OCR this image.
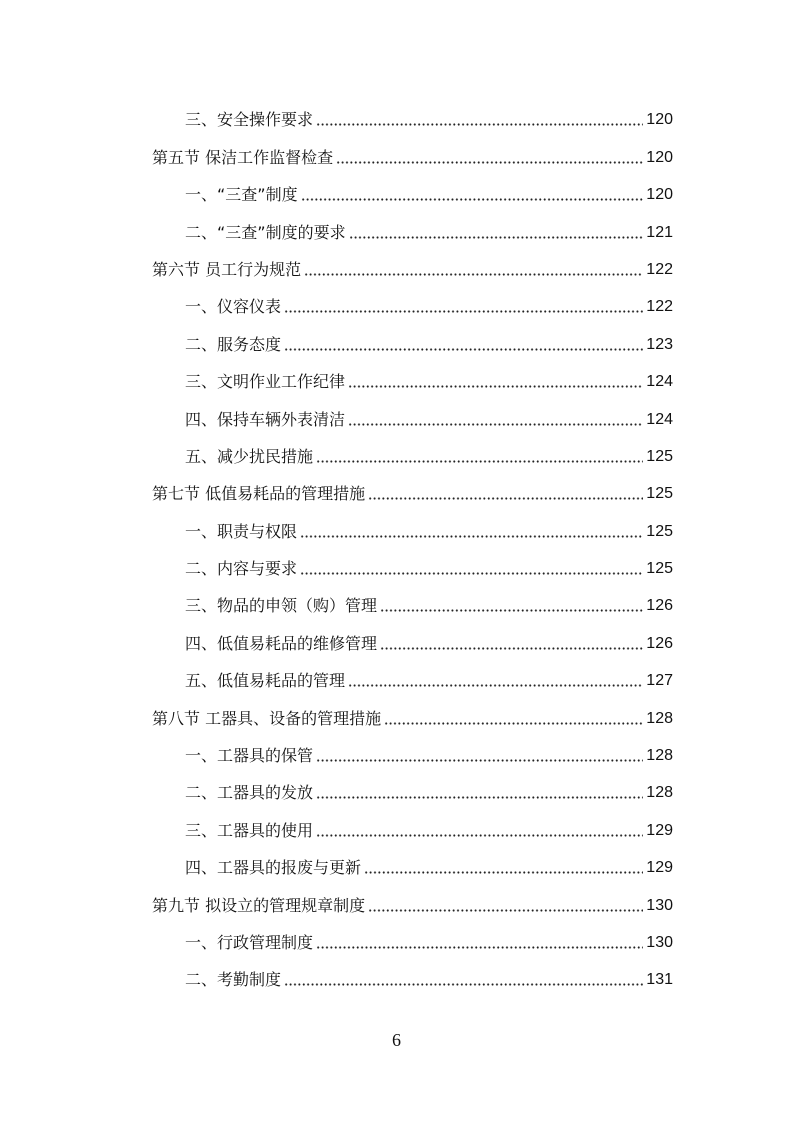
三、安全操作要求	120
第五节 保洁工作监督检查	120
一、“三查”制度	120
二、“三查”制度的要求	121
第六节 员工行为规范	122
一、仪容仪表	122
二、服务态度	123
三、文明作业工作纪律	124
四、保持车辆外表清洁	124
五、减少扰民措施	125
第七节 低值易耗品的管理措施	125
一、职责与权限	125
二、内容与要求	125
三、物品的申领（购）管理	126
四、低值易耗品的维修管理	126
五、低值易耗品的管理	127
第八节 工器具、设备的管理措施	128
一、工器具的保管	128
二、工器具的发放	128
三、工器具的使用	129
四、工器具的报废与更新	129
第九节 拟设立的管理规章制度	130
一、行政管理制度	130
二、考勤制度	131
6
